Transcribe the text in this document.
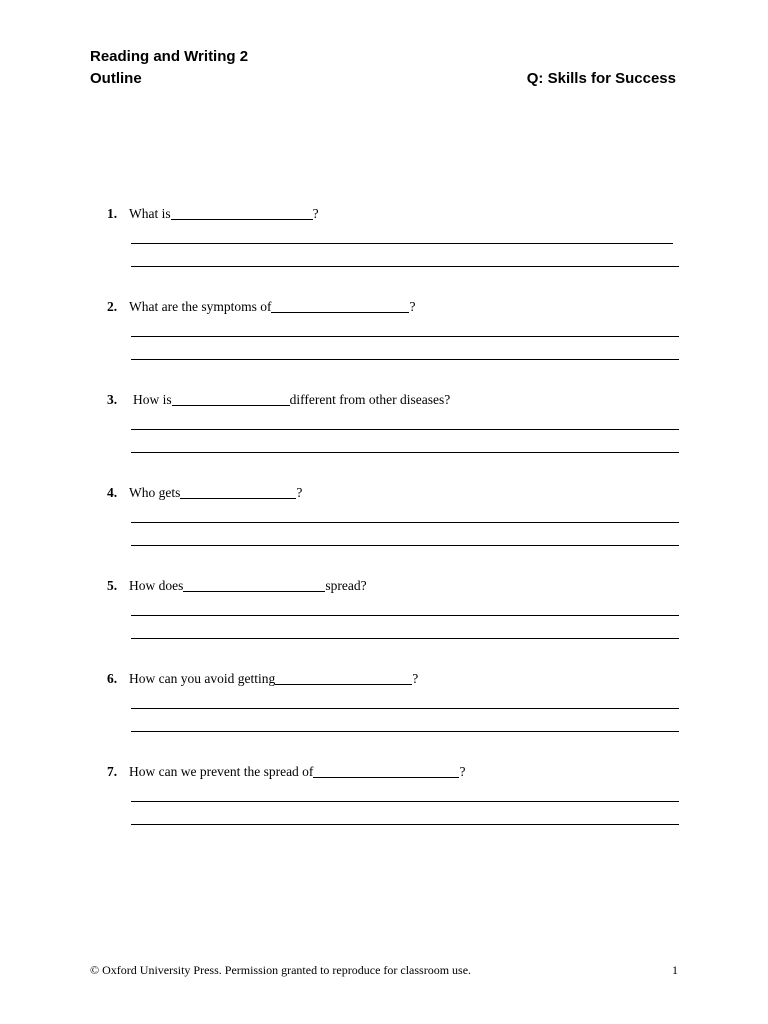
Reading and Writing 2
Outline	Q: Skills for Success
1. What is	?
2. What are the symptoms of	?
3. How is	different from other diseases?
4. Who gets	?
5. How does	spread?
6. How can you avoid getting	?
7. How can we prevent the spread of	?
© Oxford University Press. Permission granted to reproduce for classroom use.	1
